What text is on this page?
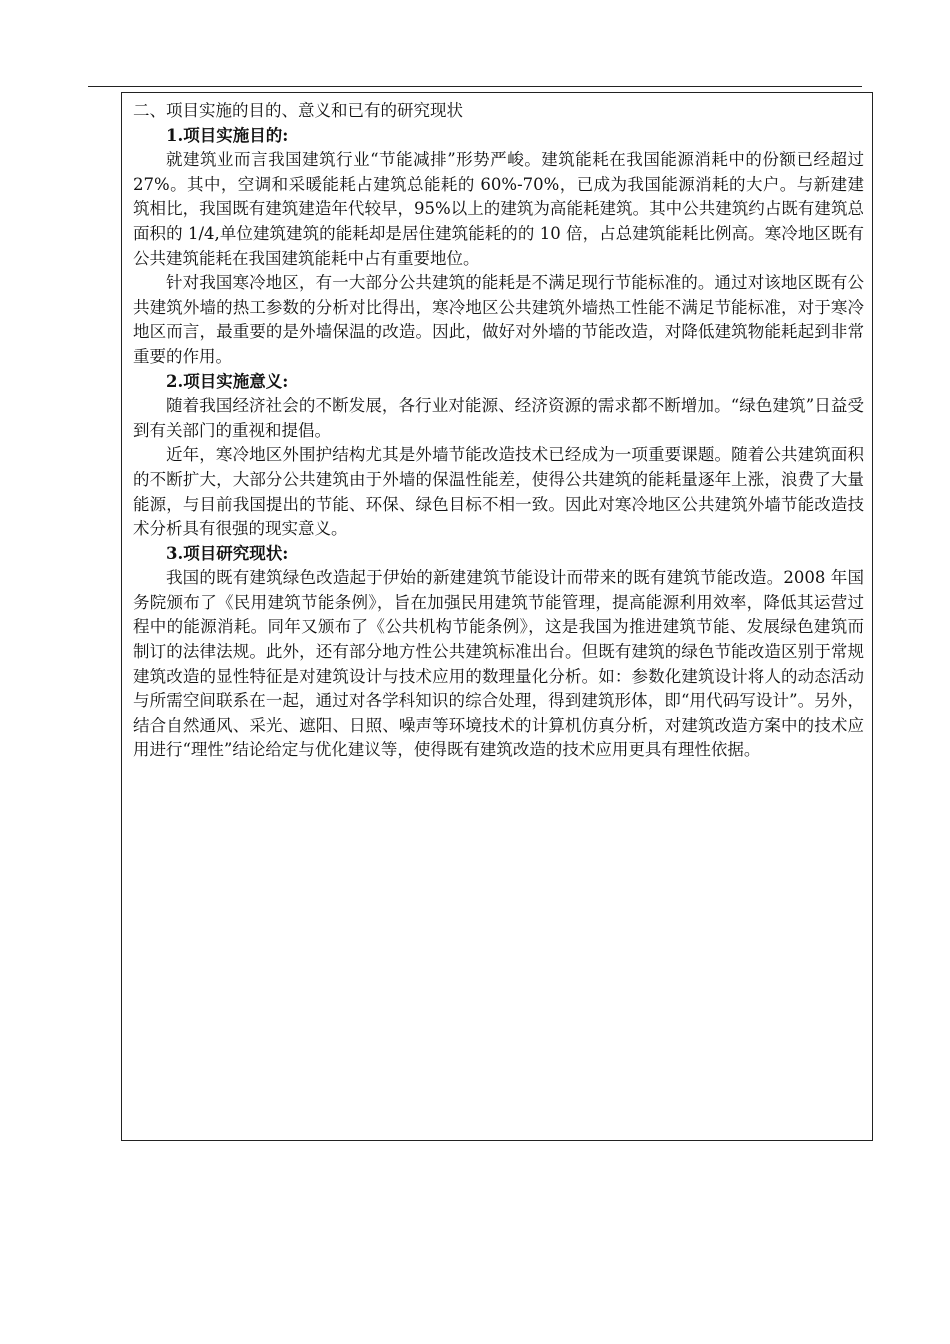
二、项目实施的目的、意义和已有的研究现状

1.项目实施目的:

就建筑业而言我国建筑行业“节能减排”形势严峻。建筑能耗在我国能源消耗中的份额已经超过 27%。其中，空调和采暖能耗占建筑总能耗的 60%-70%，已成为我国能源消耗的大户。与新建建筑相比，我国既有建筑建造年代较早，95%以上的建筑为高能耗建筑。其中公共建筑约占既有建筑总面积的 1/4,单位建筑建筑的能耗却是居住建筑能耗的的 10 倍，占总建筑能耗比例高。寒冷地区既有公共建筑能耗在我国建筑能耗中占有重要地位。

针对我国寒冷地区，有一大部分公共建筑的能耗是不满足现行节能标准的。通过对该地区既有公共建筑外墙的热工参数的分析对比得出，寒冷地区公共建筑外墙热工性能不满足节能标准，对于寒冷地区而言，最重要的是外墙保温的改造。因此，做好对外墙的节能改造，对降低建筑物能耗起到非常重要的作用。

2.项目实施意义:

随着我国经济社会的不断发展，各行业对能源、经济资源的需求都不断增加。“绿色建筑”日益受到有关部门的重视和提倡。

近年，寒冷地区外围护结构尤其是外墙节能改造技术已经成为一项重要课题。随着公共建筑面积的不断扩大，大部分公共建筑由于外墙的保温性能差，使得公共建筑的能耗量逐年上涨，浪费了大量能源，与目前我国提出的节能、环保、绿色目标不相一致。因此对寒冷地区公共建筑外墙节能改造技术分析具有很强的现实意义。

3.项目研究现状:

我国的既有建筑绿色改造起于伊始的新建建筑节能设计而带来的既有建筑节能改造。2008 年国务院颁布了《民用建筑节能条例》，旨在加强民用建筑节能管理，提高能源利用效率，降低其运营过程中的能源消耗。同年又颁布了《公共机构节能条例》，这是我国为推进建筑节能、发展绿色建筑而制订的法律法规。此外，还有部分地方性公共建筑标准出台。但既有建筑的绿色节能改造区别于常规建筑改造的显性特征是对建筑设计与技术应用的数理量化分析。如：参数化建筑设计将人的动态活动与所需空间联系在一起，通过对各学科知识的综合处理，得到建筑形体，即“用代码写设计”。另外，结合自然通风、采光、遮阳、日照、噪声等环境技术的计算机仿真分析，对建筑改造方案中的技术应用进行“理性”结论给定与优化建议等，使得既有建筑改造的技术应用更具有理性依据。
